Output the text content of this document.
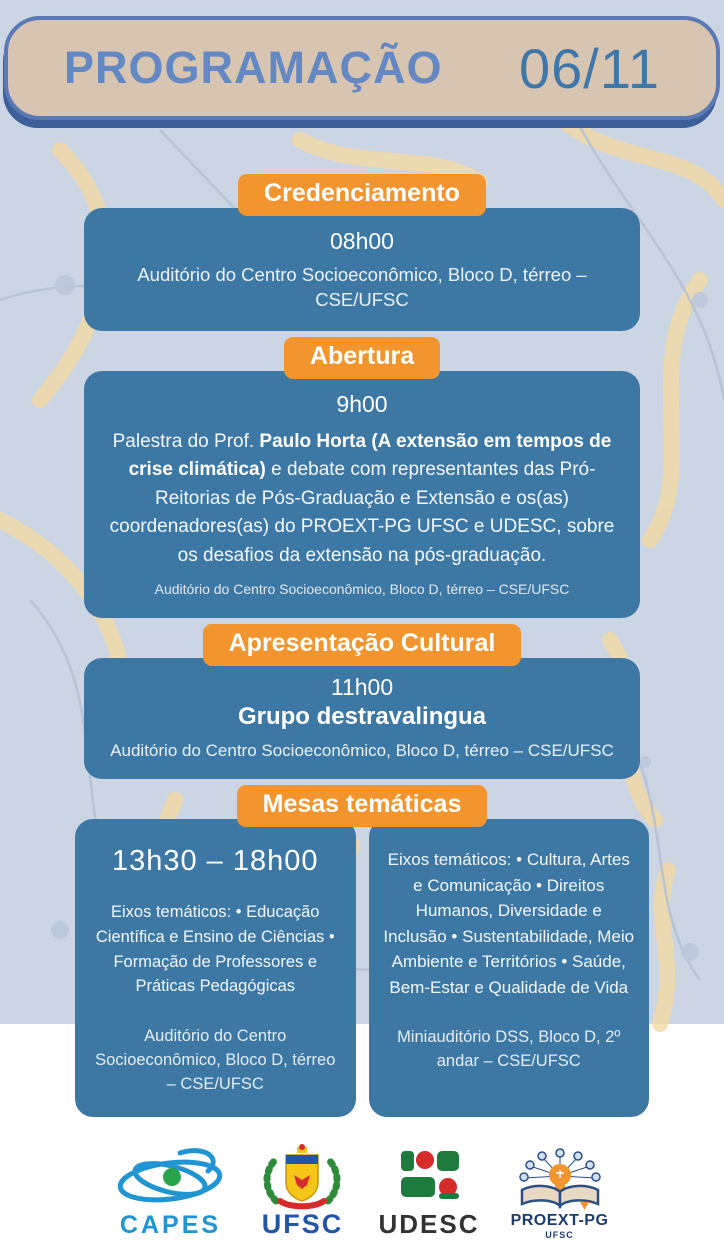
PROGRAMAÇÃO 06/11
Credenciamento
08h00
Auditório do Centro Socioeconômico, Bloco D, térreo – CSE/UFSC
Abertura
9h00

Palestra do Prof. Paulo Horta (A extensão em tempos de crise climática) e debate com representantes das Pró-Reitorias de Pós-Graduação e Extensão e os(as) coordenadores(as) do PROEXT-PG UFSC e UDESC, sobre os desafios da extensão na pós-graduação.

Auditório do Centro Socioeconômico, Bloco D, térreo – CSE/UFSC
Apresentação Cultural
11h00
Grupo destravalingua
Auditório do Centro Socioeconômico, Bloco D, térreo – CSE/UFSC
Mesas temáticas
13h30 – 18h00
Eixos temáticos: • Educação Científica e Ensino de Ciências • Formação de Professores e Práticas Pedagógicas
Auditório do Centro Socioeconômico, Bloco D, térreo – CSE/UFSC
Eixos temáticos: • Cultura, Artes e Comunicação • Direitos Humanos, Diversidade e Inclusão • Sustentabilidade, Meio Ambiente e Territórios • Saúde, Bem-Estar e Qualidade de Vida
Miniauditório DSS, Bloco D, 2º andar – CSE/UFSC
CAPES UFSC UDESC PROEXT-PG
UFSC
